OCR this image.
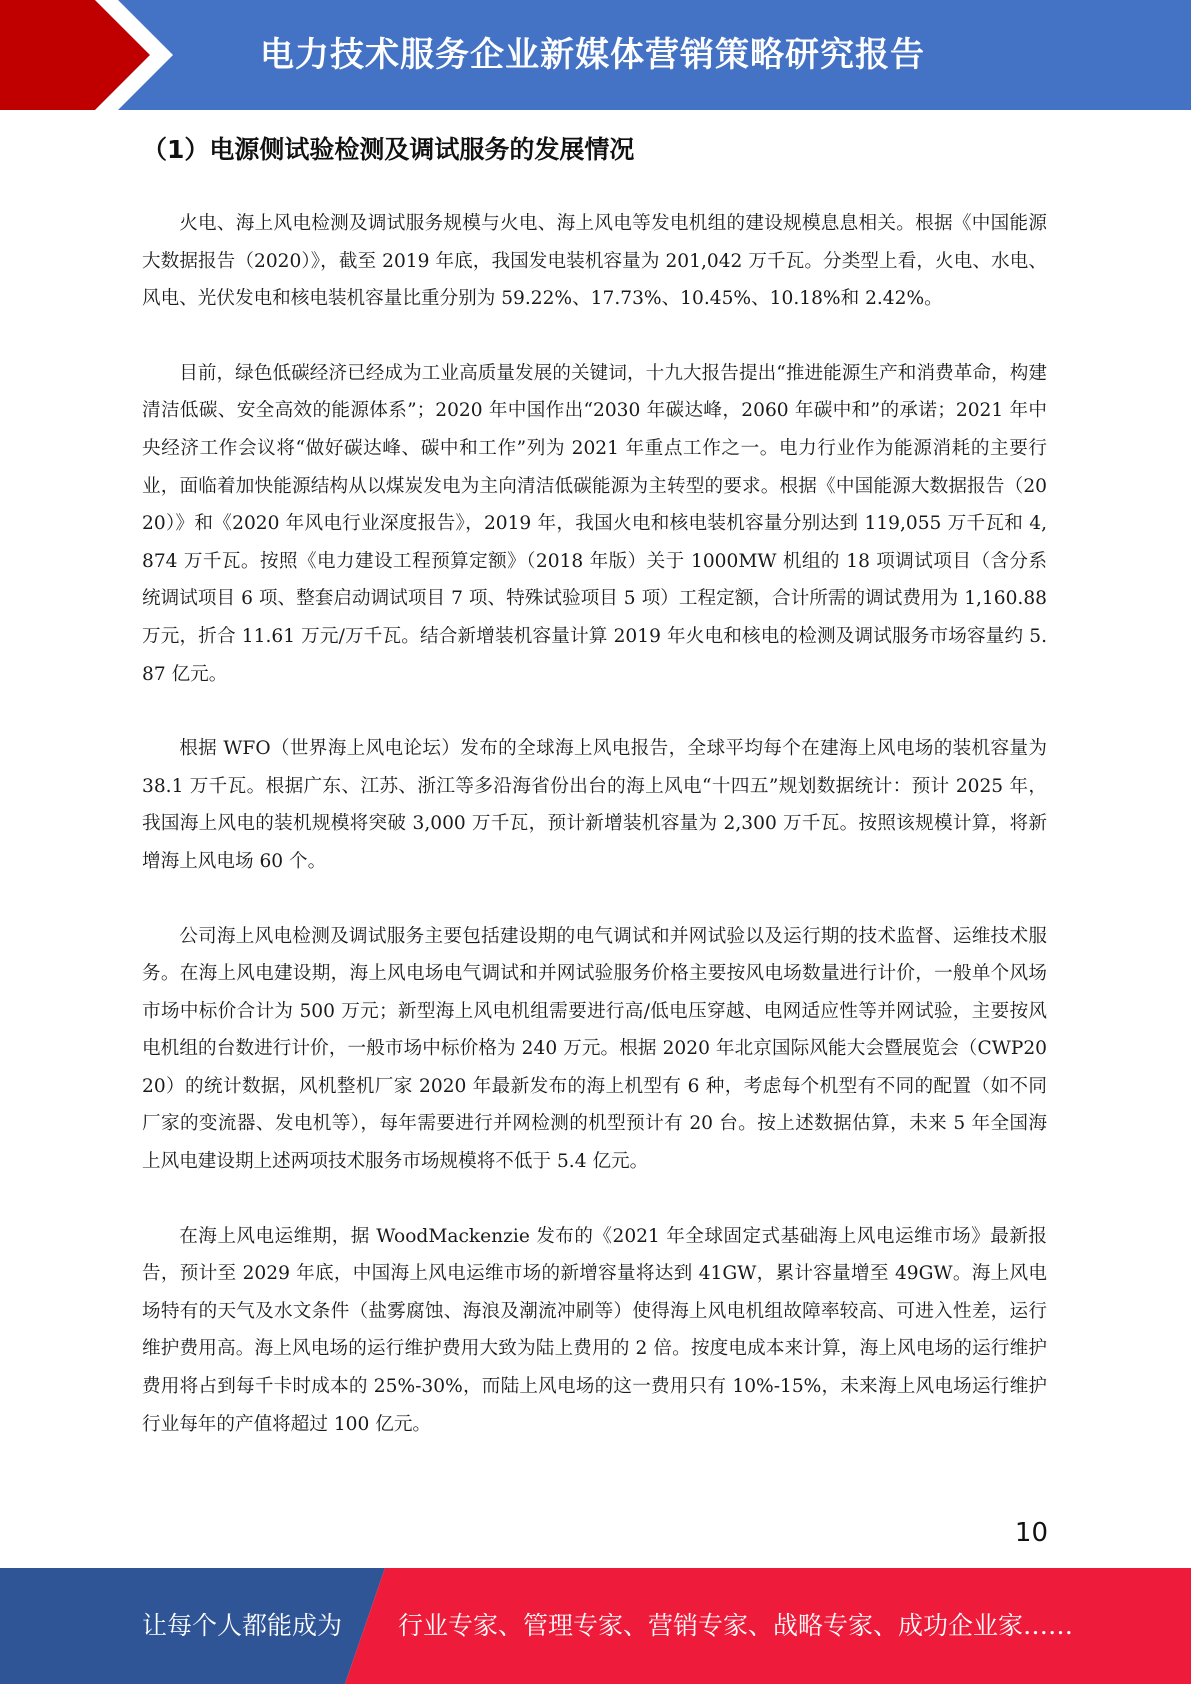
电力技术服务企业新媒体营销策略研究报告
（1）电源侧试验检测及调试服务的发展情况

火电、海上风电检测及调试服务规模与火电、海上风电等发电机组的建设规模息息相关。根据《中国能源大数据报告（2020）》，截至 2019 年底，我国发电装机容量为 201,042 万千瓦。分类型上看，火电、水电、风电、光伏发电和核电装机容量比重分别为 59.22%、17.73%、10.45%、10.18%和 2.42%。

目前，绿色低碳经济已经成为工业高质量发展的关键词，十九大报告提出“推进能源生产和消费革命，构建清洁低碳、安全高效的能源体系”；2020 年中国作出“2030 年碳达峰，2060 年碳中和”的承诺；2021 年中央经济工作会议将“做好碳达峰、碳中和工作”列为 2021 年重点工作之一。电力行业作为能源消耗的主要行业，面临着加快能源结构从以煤炭发电为主向清洁低碳能源为主转型的要求。根据《中国能源大数据报告（2020）》和《2020 年风电行业深度报告》，2019 年，我国火电和核电装机容量分别达到 119,055 万千瓦和 4,874 万千瓦。按照《电力建设工程预算定额》（2018 年版）关于 1000MW 机组的 18 项调试项目（含分系统调试项目 6 项、整套启动调试项目 7 项、特殊试验项目 5 项）工程定额，合计所需的调试费用为 1,160.88 万元，折合 11.61 万元/万千瓦。结合新增装机容量计算 2019 年火电和核电的检测及调试服务市场容量约 5.87 亿元。

根据 WFO（世界海上风电论坛）发布的全球海上风电报告，全球平均每个在建海上风电场的装机容量为 38.1 万千瓦。根据广东、江苏、浙江等多沿海省份出台的海上风电“十四五”规划数据统计：预计 2025 年，我国海上风电的装机规模将突破 3,000 万千瓦，预计新增装机容量为 2,300 万千瓦。按照该规模计算，将新增海上风电场 60 个。

公司海上风电检测及调试服务主要包括建设期的电气调试和并网试验以及运行期的技术监督、运维技术服务。在海上风电建设期，海上风电场电气调试和并网试验服务价格主要按风电场数量进行计价，一般单个风场市场中标价合计为 500 万元；新型海上风电机组需要进行高/低电压穿越、电网适应性等并网试验，主要按风电机组的台数进行计价，一般市场中标价格为 240 万元。根据 2020 年北京国际风能大会暨展览会（CWP2020）的统计数据，风机整机厂家 2020 年最新发布的海上机型有 6 种，考虑每个机型有不同的配置（如不同厂家的变流器、发电机等），每年需要进行并网检测的机型预计有 20 台。按上述数据估算，未来 5 年全国海上风电建设期上述两项技术服务市场规模将不低于 5.4 亿元。

在海上风电运维期，据 WoodMackenzie 发布的《2021 年全球固定式基础海上风电运维市场》最新报告，预计至 2029 年底，中国海上风电运维市场的新增容量将达到 41GW，累计容量增至 49GW。海上风电场特有的天气及水文条件（盐雾腐蚀、海浪及潮流冲刷等）使得海上风电机组故障率较高、可进入性差，运行维护费用高。海上风电场的运行维护费用大致为陆上费用的 2 倍。按度电成本来计算，海上风电场的运行维护费用将占到每千卡时成本的 25%-30%，而陆上风电场的这一费用只有 10%-15%，未来海上风电场运行维护行业每年的产值将超过 100 亿元。

10
让每个人都能成为 行业专家、管理专家、营销专家、战略专家、成功企业家……
